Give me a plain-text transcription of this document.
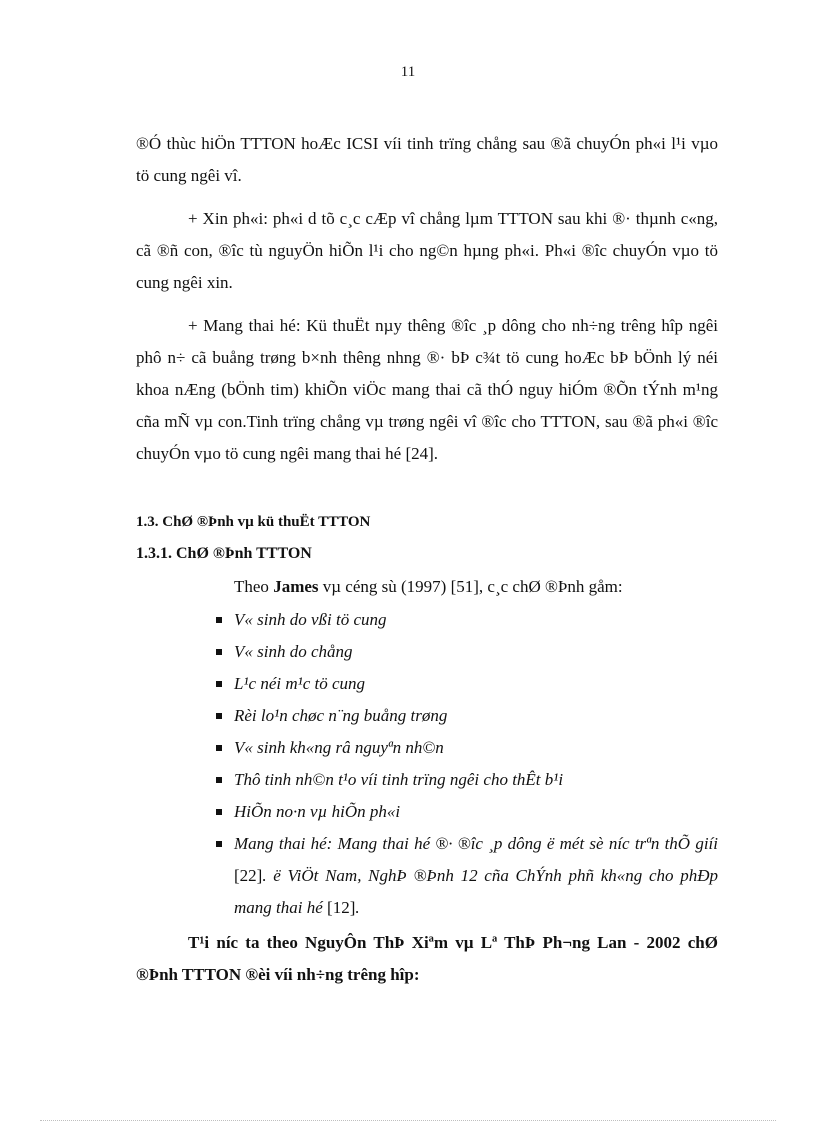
11

®Ó thùc hiÖn TTTON hoÆc ICSI víi tinh trïng chång sau ®ã chuyÓn ph«i l¹i vµo tö cung ngêi vî.

+ Xin ph«i: ph«i d tõ c¸c cÆp vî chång lµm TTTON sau khi ®· thµnh c«ng, cã ®ñ con, ®îc tù nguyÖn hiÕn l¹i cho ng©n hµng ph«i. Ph«i ®îc chuyÓn vµo tö cung ngêi xin.

+ Mang thai hé: Kü thuËt nµy thêng ®îc ¸p dông cho nh÷ng trêng hîp ngêi phô n÷ cã buång trøng b×nh thêng nhng ®· bÞ c¾t tö cung hoÆc bÞ bÖnh lý néi khoa nÆng (bÖnh tim) khiÕn viÖc mang thai cã thÓ nguy hiÓm ®Õn tÝnh m¹ng cña mÑ vµ con.Tinh trïng chång vµ trøng ngêi vî ®îc cho TTTON, sau ®ã ph«i ®îc chuyÓn vµo tö cung ngêi mang thai hé [24].

1.3. ChØ ®Þnh vµ kü thuËt TTTON
1.3.1. ChØ ®Þnh TTTON

Theo James vµ céng sù (1997) [51], c¸c chØ ®Þnh gåm:

V« sinh do vßi tö cung
V« sinh do chång
L¹c néi m¹c tö cung
Rèi lo¹n chøc n¨ng buång trøng
V« sinh kh«ng râ nguyªn nh©n
Thô tinh nh©n t¹o víi tinh trïng ngêi cho thÊt b¹i
HiÕn no·n vµ hiÕn ph«i
Mang thai hé: Mang thai hé ®· ®îc ¸p dông ë mét sè níc trªn thÕ giíi [22]. ë ViÖt Nam, NghÞ ®Þnh 12 cña ChÝnh phñ kh«ng cho phÐp mang thai hé [12].

T¹i níc ta theo NguyÔn ThÞ Xiªm vµ Lª ThÞ Ph¬ng Lan - 2002 chØ ®Þnh TTTON ®èi víi nh÷ng trêng hîp:
